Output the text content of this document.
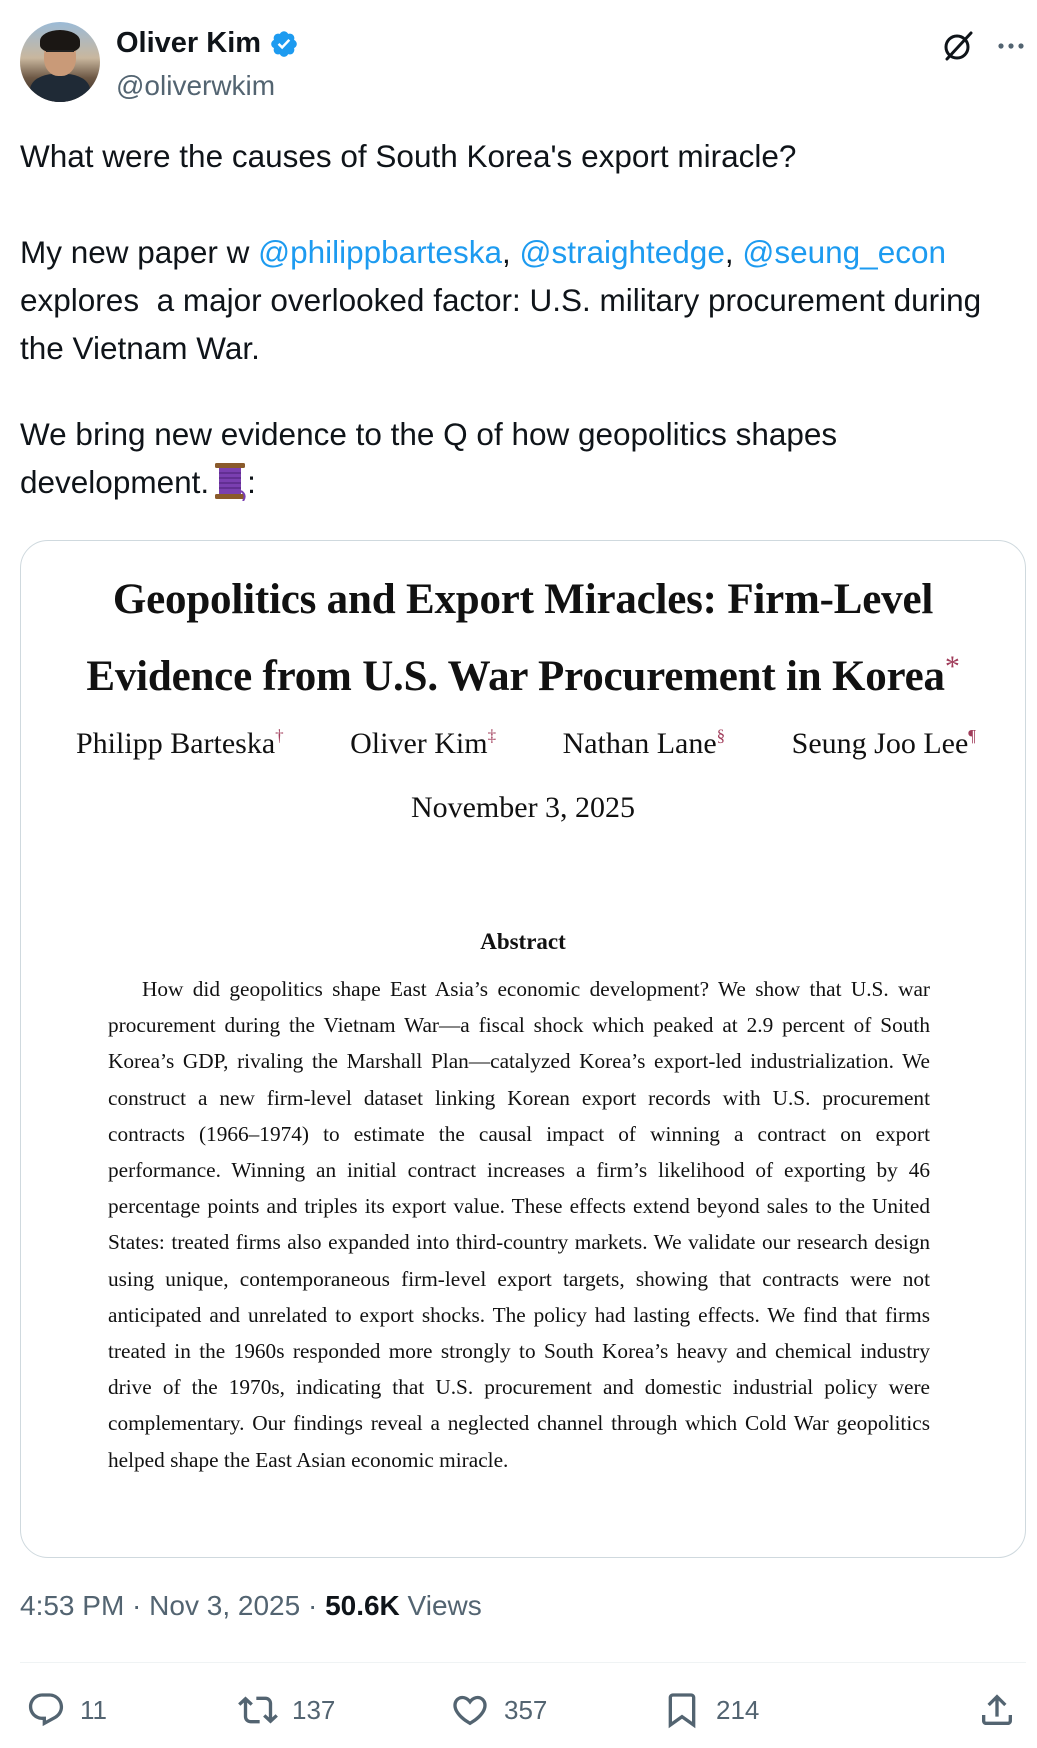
Oliver Kim
@oliverwkim

What were the causes of South Korea's export miracle?

My new paper w @philippbarteska, @straightedge, @seung_econ
explores  a major overlooked factor: U.S. military procurement during the Vietnam War.

We bring new evidence to the Q of how geopolitics shapes development. :

Geopolitics and Export Miracles: Firm-Level
Evidence from U.S. War Procurement in Korea*
Philipp Barteska† Oliver Kim‡ Nathan Lane§ Seung Joo Lee¶
November 3, 2025
Abstract
How did geopolitics shape East Asia’s economic development? We show that U.S. war procurement during the Vietnam War—a fiscal shock which peaked at 2.9 percent of South Korea’s GDP, rivaling the Marshall Plan—catalyzed Korea’s export-led industrialization. We construct a new firm-level dataset linking Korean export records with U.S. procurement contracts (1966–1974) to estimate the causal impact of winning a contract on export performance. Winning an initial contract increases a firm’s likelihood of exporting by 46 percentage points and triples its export value. These effects extend beyond sales to the United States: treated firms also expanded into third-country markets. We validate our research design using unique, contemporaneous firm-level export targets, showing that contracts were not anticipated and unrelated to export shocks. The policy had lasting effects. We find that firms treated in the 1960s responded more strongly to South Korea’s heavy and chemical industry drive of the 1970s, indicating that U.S. procurement and domestic industrial policy were complementary. Our findings reveal a neglected channel through which Cold War geopolitics helped shape the East Asian economic miracle.
4:53 PM · Nov 3, 2025 · 50.6K Views
11	137	357	214
